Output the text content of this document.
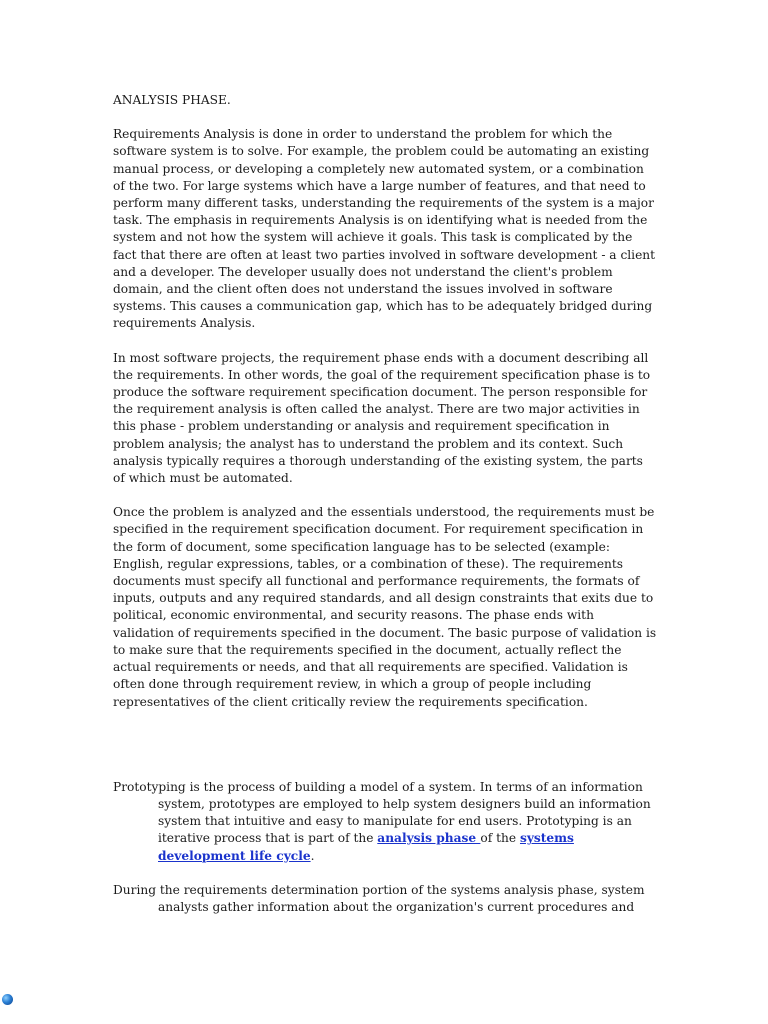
ANALYSIS PHASE.

Requirements Analysis is done in order to understand the problem for which the software system is to solve. For example, the problem could be automating an existing manual process, or developing a completely new automated system, or a combination of the two. For large systems which have a large number of features, and that need to perform many different tasks, understanding the requirements of the system is a major task. The emphasis in requirements Analysis is on identifying what is needed from the system and not how the system will achieve it goals. This task is complicated by the fact that there are often at least two parties involved in software development - a client and a developer. The developer usually does not understand the client's problem domain, and the client often does not understand the issues involved in software systems. This causes a communication gap, which has to be adequately bridged during requirements Analysis.

In most software projects, the requirement phase ends with a document describing all the requirements. In other words, the goal of the requirement specification phase is to produce the software requirement specification document. The person responsible for the requirement analysis is often called the analyst. There are two major activities in this phase - problem understanding or analysis and requirement specification in problem analysis; the analyst has to understand the problem and its context. Such analysis typically requires a thorough understanding of the existing system, the parts of which must be automated.

Once the problem is analyzed and the essentials understood, the requirements must be specified in the requirement specification document. For requirement specification in the form of document, some specification language has to be selected (example: English, regular expressions, tables, or a combination of these). The requirements documents must specify all functional and performance requirements, the formats of inputs, outputs and any required standards, and all design constraints that exits due to political, economic environmental, and security reasons. The phase ends with validation of requirements specified in the document. The basic purpose of validation is to make sure that the requirements specified in the document, actually reflect the actual requirements or needs, and that all requirements are specified. Validation is often done through requirement review, in which a group of people including representatives of the client critically review the requirements specification.

Prototyping is the process of building a model of a system. In terms of an information system, prototypes are employed to help system designers build an information system that intuitive and easy to manipulate for end users. Prototyping is an iterative process that is part of the analysis phase of the systems development life cycle.

During the requirements determination portion of the systems analysis phase, system analysts gather information about the organization's current procedures and
